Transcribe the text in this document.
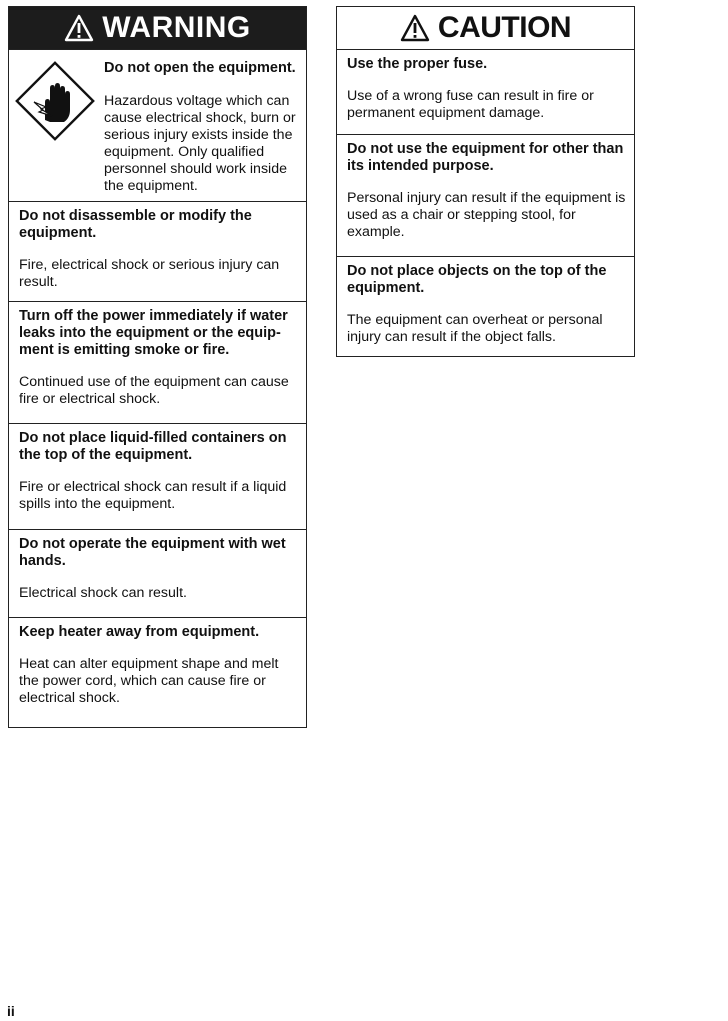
WARNING

Do not open the equipment.

Hazardous voltage which can cause electrical shock, burn or serious injury exists inside the equipment. Only qualified personnel should work inside the equipment.

Do not disassemble or modify the equipment.

Fire, electrical shock or serious injury can result.

Turn off the power immediately if water leaks into the equipment or the equip-ment is emitting smoke or fire.

Continued use of the equipment can cause fire or electrical shock.

Do not place liquid-filled containers on the top of the equipment.

Fire or electrical shock can result if a liquid spills into the equipment.

Do not operate the equipment with wet hands.

Electrical shock can result.

Keep heater away from equipment.

Heat can alter equipment shape and melt the power cord, which can cause fire or electrical shock.

CAUTION

Use the proper fuse.

Use of a wrong fuse can result in fire or permanent equipment damage.

Do not use the equipment for other than its intended purpose.

Personal injury can result if the equipment is used as a chair or stepping stool, for example.

Do not place objects on the top of the equipment.

The equipment can overheat or personal injury can result if the object falls.

ii
